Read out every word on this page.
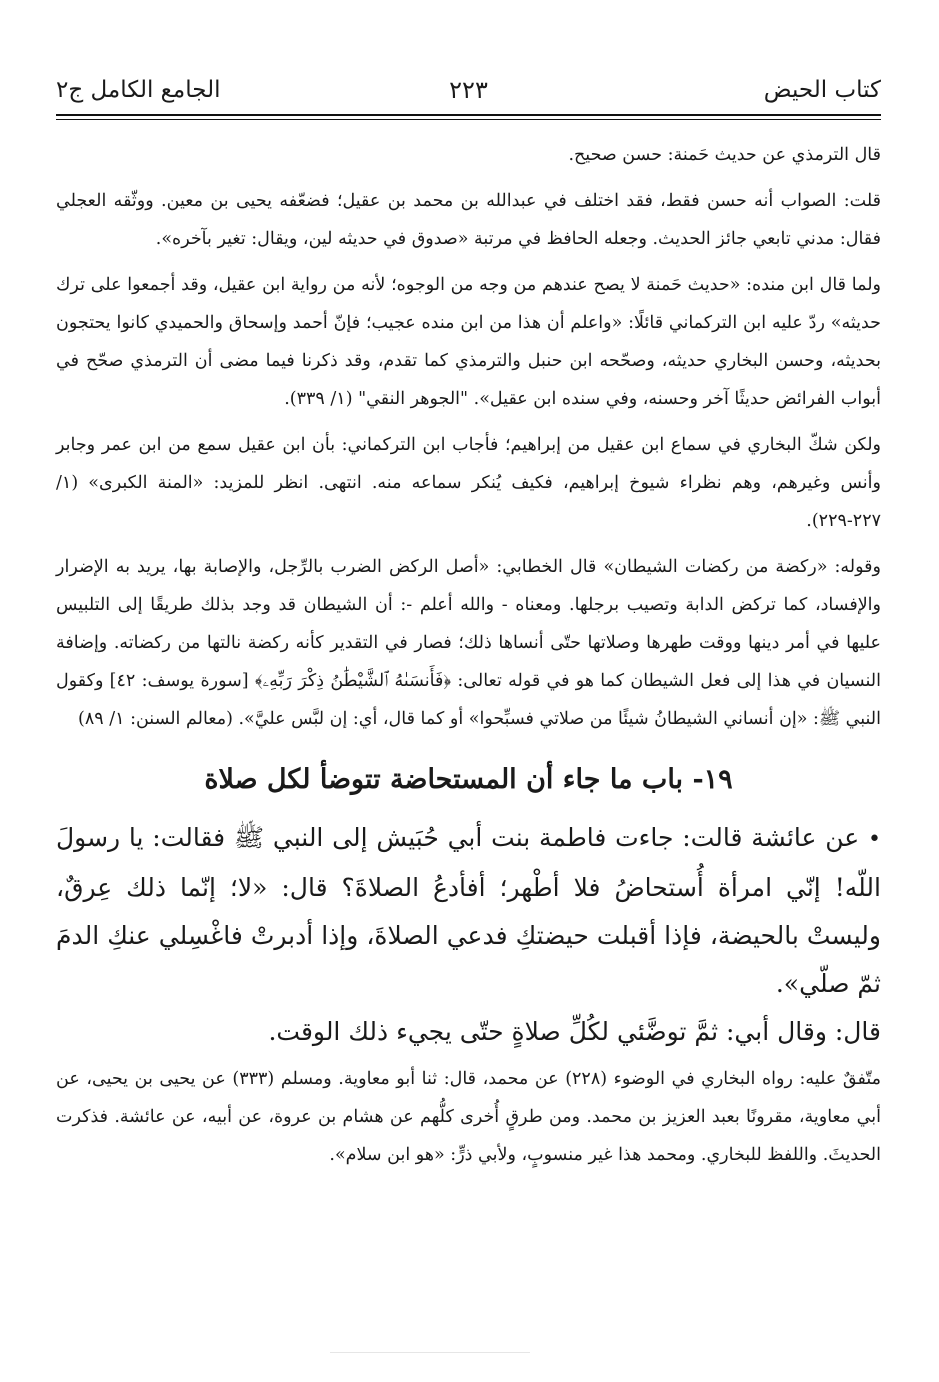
كتاب الحيض
٢٢٣
الجامع الكامل ج٢

قال الترمذي عن حديث حَمنة: حسن صحيح.

قلت: الصواب أنه حسن فقط، فقد اختلف في عبدالله بن محمد بن عقيل؛ فضعّفه يحيى بن معين. ووثّقه العجلي فقال: مدني تابعي جائز الحديث. وجعله الحافظ في مرتبة «صدوق في حديثه لين، ويقال: تغير بآخره».

ولما قال ابن منده: «حديث حَمنة لا يصح عندهم من وجه من الوجوه؛ لأنه من رواية ابن عقيل، وقد أجمعوا على ترك حديثه» ردّ عليه ابن التركماني قائلًا: «واعلم أن هذا من ابن منده عجيب؛ فإنّ أحمد وإسحاق والحميدي كانوا يحتجون بحديثه، وحسن البخاري حديثه، وصحّحه ابن حنبل والترمذي كما تقدم، وقد ذكرنا فيما مضى أن الترمذي صحّح في أبواب الفرائض حديثًا آخر وحسنه، وفي سنده ابن عقيل». "الجوهر النقي" (١/ ٣٣٩).

ولكن شكّ البخاري في سماع ابن عقيل من إبراهيم؛ فأجاب ابن التركماني: بأن ابن عقيل سمع من ابن عمر وجابر وأنس وغيرهم، وهم نظراء شيوخ إبراهيم، فكيف يُنكر سماعه منه. انتهى. انظر للمزيد: «المنة الكبرى» (١/ ٢٢٧-٢٢٩).

وقوله: «ركضة من ركضات الشيطان» قال الخطابي: «أصل الركض الضرب بالرِّجل، والإصابة بها، يريد به الإضرار والإفساد، كما تركض الدابة وتصيب برجلها. ومعناه - والله أعلم -: أن الشيطان قد وجد بذلك طريقًا إلى التلبيس عليها في أمر دينها ووقت طهرها وصلاتها حتّى أنساها ذلك؛ فصار في التقدير كأنه ركضة نالتها من ركضاته. وإضافة النسيان في هذا إلى فعل الشيطان كما هو في قوله تعالى: ﴿فَأَنسَىٰهُ ٱلشَّيْطَٰنُ ذِكْرَ رَبِّهِۦ﴾ [سورة يوسف: ٤٢] وكقول النبي ﷺ: «إن أنساني الشيطانُ شيئًا من صلاتي فسبِّحوا» أو كما قال، أي: إن لبَّس عليَّ». (معالم السنن: ١/ ٨٩)

١٩- باب ما جاء أن المستحاضة تتوضأ لكل صلاة

• عن عائشة قالت: جاءت فاطمة بنت أبي حُبَيش إلى النبي ﷺ فقالت: يا رسولَ اللّه! إنّي امرأة أُستحاضُ فلا أطْهر؛ أفأدعُ الصلاةَ؟ قال: «لا؛ إنّما ذلك عِرقٌ، وليستْ بالحيضة، فإذا أقبلت حيضتكِ فدعي الصلاةَ، وإذا أدبرتْ فاغْسِلي عنكِ الدمَ ثمّ صلّي».

قال: وقال أبي: ثمَّ توضَّئي لكُلِّ صلاةٍ حتّى يجيء ذلك الوقت.

متّفقٌ عليه: رواه البخاري في الوضوء (٢٢٨) عن محمد، قال: ثنا أبو معاوية. ومسلم (٣٣٣) عن يحيى بن يحيى، عن أبي معاوية، مقرونًا بعبد العزيز بن محمد. ومن طرقٍ أُخرى كلُّهم عن هشام بن عروة، عن أبيه، عن عائشة. فذكرت الحديثَ. واللفظ للبخاري. ومحمد هذا غير منسوبٍ، ولأبي ذرٍّ: «هو ابن سلام».
